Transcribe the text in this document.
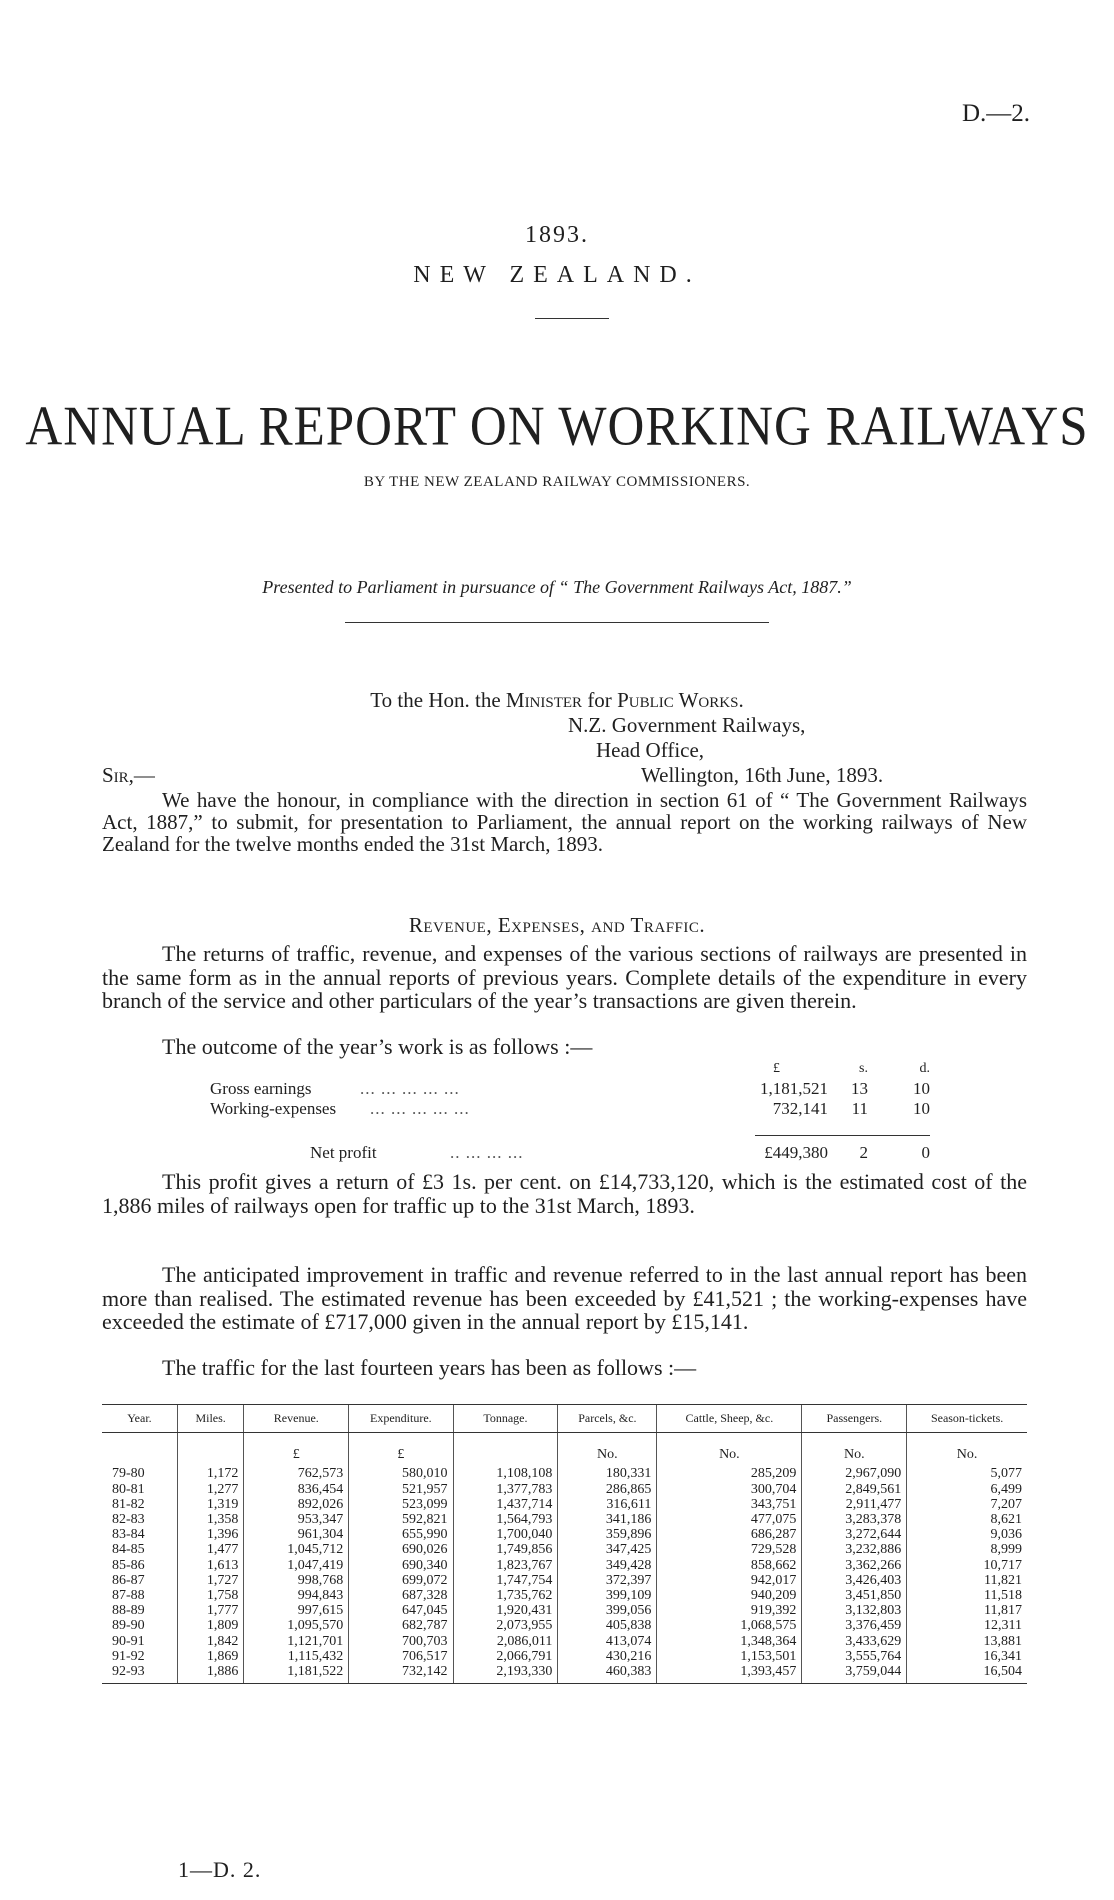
D.—2.
1893.
NEW ZEALAND.
ANNUAL REPORT ON WORKING RAILWAYS
BY THE NEW ZEALAND RAILWAY COMMISSIONERS.
Presented to Parliament in pursuance of “ The Government Railways Act, 1887.”
To the Hon. the Minister for Public Works.
N.Z. Government Railways,
Head Office,
Wellington, 16th June, 1893.
Sir,—
We have the honour, in compliance with the direction in section 61 of “ The Government Railways Act, 1887,” to submit, for presentation to Parliament, the annual report on the working railways of New Zealand for the twelve months ended the 31st March, 1893.
Revenue, Expenses, and Traffic.
The returns of traffic, revenue, and expenses of the various sections of railways are presented in the same form as in the annual reports of previous years. Complete details of the expenditure in every branch of the service and other particulars of the year’s transactions are given therein.
The outcome of the year’s work is as follows :—
£	s.	d.
Gross earnings	... ... ... ... ...	1,181,521	13	10
Working-expenses ... ... ... ... ...	732,141	11	10
Net profit	.. ... ... ...	£449,380	2	0
This profit gives a return of £3 1s. per cent. on £14,733,120, which is the estimated cost of the 1,886 miles of railways open for traffic up to the 31st March, 1893.
The anticipated improvement in traffic and revenue referred to in the last annual report has been more than realised. The estimated revenue has been exceeded by £41,521 ; the working-expenses have exceeded the estimate of £717,000 given in the annual report by £15,141.
The traffic for the last fourteen years has been as follows :—
Year.	Miles.	Revenue.	Expenditure.	Tonnage.	Parcels, &c.	Cattle, Sheep, &c.	Passengers.	Season-tickets.
		£	£		No.	No.	No.	No.
79-80	1,172	762,573	580,010	1,108,108	180,331	285,209	2,967,090	5,077
80-81	1,277	836,454	521,957	1,377,783	286,865	300,704	2,849,561	6,499
81-82	1,319	892,026	523,099	1,437,714	316,611	343,751	2,911,477	7,207
82-83	1,358	953,347	592,821	1,564,793	341,186	477,075	3,283,378	8,621
83-84	1,396	961,304	655,990	1,700,040	359,896	686,287	3,272,644	9,036
84-85	1,477	1,045,712	690,026	1,749,856	347,425	729,528	3,232,886	8,999
85-86	1,613	1,047,419	690,340	1,823,767	349,428	858,662	3,362,266	10,717
86-87	1,727	998,768	699,072	1,747,754	372,397	942,017	3,426,403	11,821
87-88	1,758	994,843	687,328	1,735,762	399,109	940,209	3,451,850	11,518
88-89	1,777	997,615	647,045	1,920,431	399,056	919,392	3,132,803	11,817
89-90	1,809	1,095,570	682,787	2,073,955	405,838	1,068,575	3,376,459	12,311
90-91	1,842	1,121,701	700,703	2,086,011	413,074	1,348,364	3,433,629	13,881
91-92	1,869	1,115,432	706,517	2,066,791	430,216	1,153,501	3,555,764	16,341
92-93	1,886	1,181,522	732,142	2,193,330	460,383	1,393,457	3,759,044	16,504
1—D. 2.
